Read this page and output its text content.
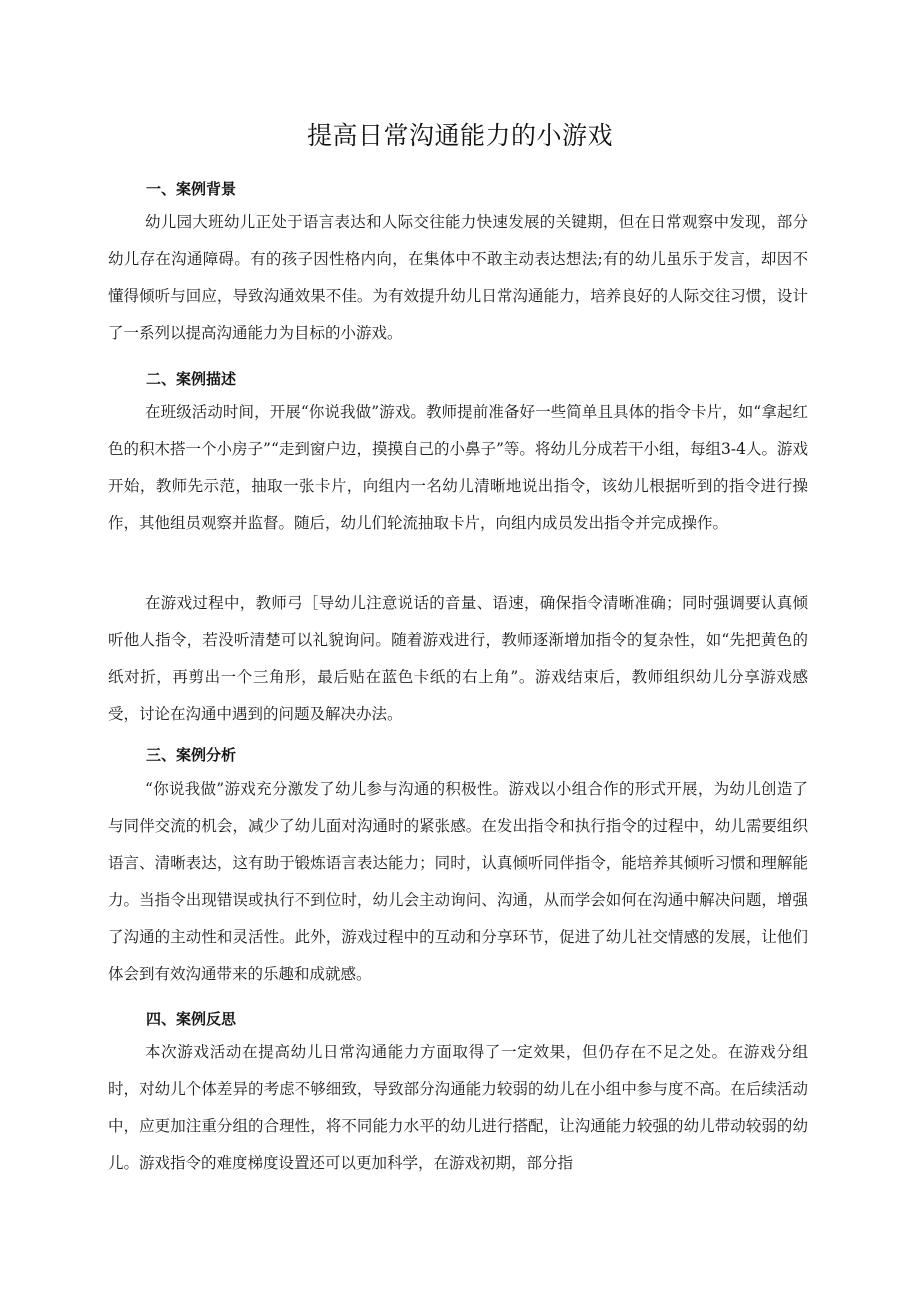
提高日常沟通能力的小游戏
一、案例背景

幼儿园大班幼儿正处于语言表达和人际交往能力快速发展的关键期，但在日常观察中发现，部分幼儿存在沟通障碍。有的孩子因性格内向，在集体中不敢主动表达想法;有的幼儿虽乐于发言，却因不懂得倾听与回应，导致沟通效果不佳。为有效提升幼儿日常沟通能力，培养良好的人际交往习惯，设计了一系列以提高沟通能力为目标的小游戏。

二、案例描述

在班级活动时间，开展“你说我做”游戏。教师提前准备好一些简单且具体的指令卡片，如“拿起红色的积木搭一个小房子”“走到窗户边，摸摸自己的小鼻子”等。将幼儿分成若干小组，每组3-4人。游戏开始，教师先示范，抽取一张卡片，向组内一名幼儿清晰地说出指令，该幼儿根据听到的指令进行操作，其他组员观察并监督。随后，幼儿们轮流抽取卡片，向组内成员发出指令并完成操作。

在游戏过程中，教师弓［导幼儿注意说话的音量、语速，确保指令清晰准确；同时强调要认真倾听他人指令，若没听清楚可以礼貌询问。随着游戏进行，教师逐渐增加指令的复杂性，如“先把黄色的纸对折，再剪出一个三角形，最后贴在蓝色卡纸的右上角”。游戏结束后，教师组织幼儿分享游戏感受，讨论在沟通中遇到的问题及解决办法。

三、案例分析

“你说我做”游戏充分激发了幼儿参与沟通的积极性。游戏以小组合作的形式开展，为幼儿创造了与同伴交流的机会，减少了幼儿面对沟通时的紧张感。在发出指令和执行指令的过程中，幼儿需要组织语言、清晰表达，这有助于锻炼语言表达能力；同时，认真倾听同伴指令，能培养其倾听习惯和理解能力。当指令出现错误或执行不到位时，幼儿会主动询问、沟通，从而学会如何在沟通中解决问题，增强了沟通的主动性和灵活性。此外，游戏过程中的互动和分享环节，促进了幼儿社交情感的发展，让他们体会到有效沟通带来的乐趣和成就感。

四、案例反思

本次游戏活动在提高幼儿日常沟通能力方面取得了一定效果，但仍存在不足之处。在游戏分组时，对幼儿个体差异的考虑不够细致，导致部分沟通能力较弱的幼儿在小组中参与度不高。在后续活动中，应更加注重分组的合理性，将不同能力水平的幼儿进行搭配，让沟通能力较强的幼儿带动较弱的幼儿。游戏指令的难度梯度设置还可以更加科学，在游戏初期，部分指
